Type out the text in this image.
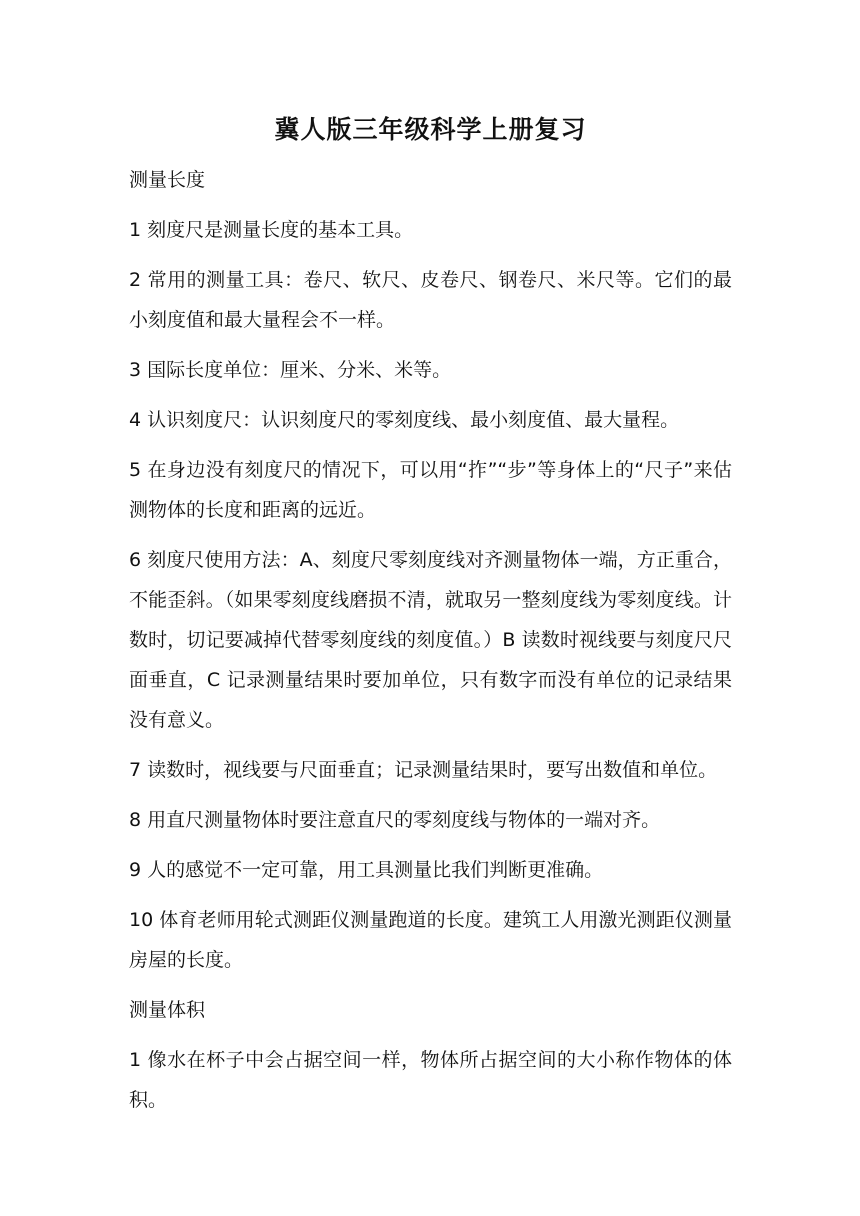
冀人版三年级科学上册复习
测量长度

1 刻度尺是测量长度的基本工具。

2 常用的测量工具：卷尺、软尺、皮卷尺、钢卷尺、米尺等。它们的最小刻度值和最大量程会不一样。

3 国际长度单位：厘米、分米、米等。

4 认识刻度尺：认识刻度尺的零刻度线、最小刻度值、最大量程。

5 在身边没有刻度尺的情况下，可以用“拃”“步”等身体上的“尺子”来估测物体的长度和距离的远近。

6 刻度尺使用方法：A、刻度尺零刻度线对齐测量物体一端，方正重合，不能歪斜。（如果零刻度线磨损不清，就取另一整刻度线为零刻度线。计数时，切记要减掉代替零刻度线的刻度值。）B 读数时视线要与刻度尺尺面垂直，C 记录测量结果时要加单位，只有数字而没有单位的记录结果没有意义。

7 读数时，视线要与尺面垂直；记录测量结果时，要写出数值和单位。

8 用直尺测量物体时要注意直尺的零刻度线与物体的一端对齐。

9 人的感觉不一定可靠，用工具测量比我们判断更准确。

10 体育老师用轮式测距仪测量跑道的长度。建筑工人用激光测距仪测量房屋的长度。

测量体积

1 像水在杯子中会占据空间一样，物体所占据空间的大小称作物体的体积。
